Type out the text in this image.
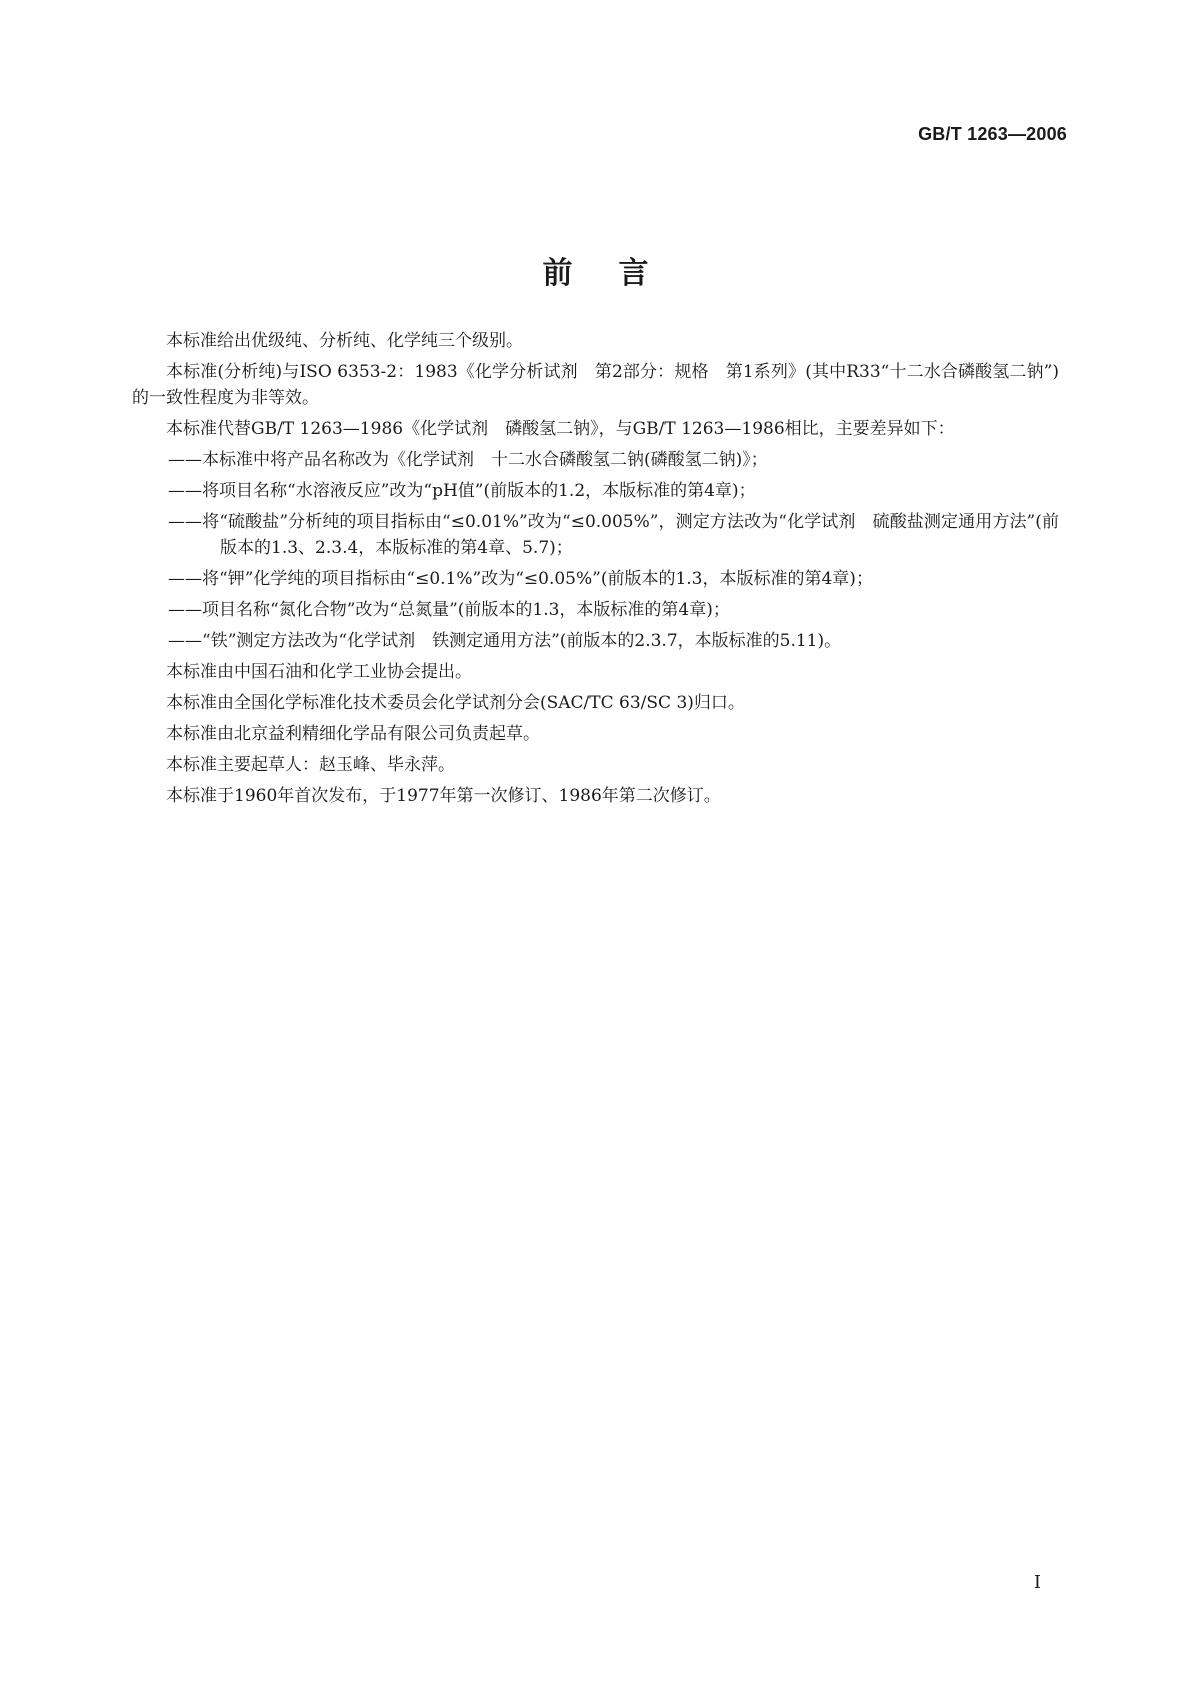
GB/T 1263—2006
前言

本标准给出优级纯、分析纯、化学纯三个级别。

本标准(分析纯)与ISO 6353-2：1983《化学分析试剂　第2部分：规格　第1系列》(其中R33“十二水合磷酸氢二钠”)的一致性程度为非等效。

本标准代替GB/T 1263—1986《化学试剂　磷酸氢二钠》，与GB/T 1263—1986相比，主要差异如下：

——本标准中将产品名称改为《化学试剂　十二水合磷酸氢二钠(磷酸氢二钠)》；

——将项目名称“水溶液反应”改为“pH值”(前版本的1.2，本版标准的第4章)；

——将“硫酸盐”分析纯的项目指标由“≤0.01%”改为“≤0.005%”，测定方法改为“化学试剂　硫酸盐测定通用方法”(前版本的1.3、2.3.4，本版标准的第4章、5.7)；

——将“钾”化学纯的项目指标由“≤0.1%”改为“≤0.05%”(前版本的1.3，本版标准的第4章)；

——项目名称“氮化合物”改为“总氮量”(前版本的1.3，本版标准的第4章)；

——“铁”测定方法改为“化学试剂　铁测定通用方法”(前版本的2.3.7，本版标准的5.11)。

本标准由中国石油和化学工业协会提出。

本标准由全国化学标准化技术委员会化学试剂分会(SAC/TC 63/SC 3)归口。

本标准由北京益利精细化学品有限公司负责起草。

本标准主要起草人：赵玉峰、毕永萍。

本标准于1960年首次发布，于1977年第一次修订、1986年第二次修订。

I
